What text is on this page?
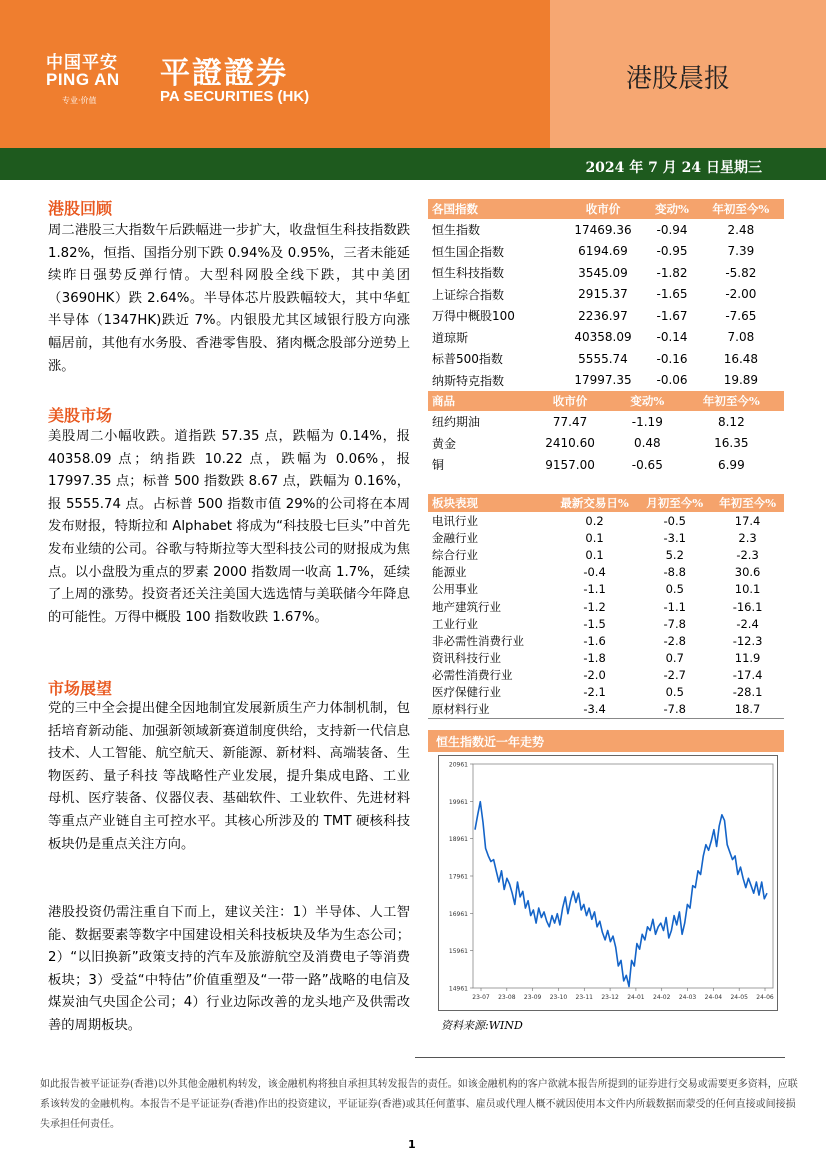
中国平安
PING AN
专业·价值
平證證券
PA SECURITIES (HK)
港股晨报
2024 年 7 月 24 日星期三
港股回顾
周二港股三大指数午后跌幅进一步扩大，收盘恒生科技指数跌 1.82%，恒指、国指分别下跌 0.94%及 0.95%，三者未能延续昨日强势反弹行情。大型科网股全线下跌，其中美团（3690HK）跌 2.64%。半导体芯片股跌幅较大，其中华虹半导体（1347HK)跌近 7%。内银股尤其区域银行股方向涨幅居前，其他有水务股、香港零售股、猪肉概念股部分逆势上涨。
美股市场
美股周二小幅收跌。道指跌 57.35 点，跌幅为 0.14%，报 40358.09 点；纳指跌 10.22 点，跌幅为 0.06%，报 17997.35 点；标普 500 指数跌 8.67 点，跌幅为 0.16%，报 5555.74 点。占标普 500 指数市值 29%的公司将在本周发布财报，特斯拉和 Alphabet 将成为“科技股七巨头”中首先发布业绩的公司。谷歌与特斯拉等大型科技公司的财报成为焦点。以小盘股为重点的罗素 2000 指数周一收高 1.7%，延续了上周的涨势。投资者还关注美国大选选情与美联储今年降息的可能性。万得中概股 100 指数收跌 1.67%。
市场展望
党的三中全会提出健全因地制宜发展新质生产力体制机制，包括培育新动能、加强新领域新赛道制度供给，支持新一代信息技术、人工智能、航空航天、新能源、新材料、高端装备、生物医药、量子科技 等战略性产业发展，提升集成电路、工业母机、医疗装备、仪器仪表、基础软件、工业软件、先进材料 等重点产业链自主可控水平。其核心所涉及的 TMT 硬核科技板块仍是重点关注方向。
港股投资仍需注重自下而上，建议关注：1）半导体、人工智能、数据要素等数字中国建设相关科技板块及华为生态公司；2）“以旧换新”政策支持的汽车及旅游航空及消费电子等消费板块；3）受益“中特估”价值重塑及“一带一路”战略的电信及煤炭油气央国企公司；4）行业边际改善的龙头地产及供需改善的周期板块。
各国指数	收市价	变动%	年初至今%
恒生指数	17469.36	-0.94	2.48
恒生国企指数	6194.69	-0.95	7.39
恒生科技指数	3545.09	-1.82	-5.82
上证综合指数	2915.37	-1.65	-2.00
万得中概股100	2236.97	-1.67	-7.65
道琼斯	40358.09	-0.14	7.08
标普500指数	5555.74	-0.16	16.48
纳斯特克指数	17997.35	-0.06	19.89
商品	收市价	变动%	年初至今%
纽约期油	77.47	-1.19	8.12
黄金	2410.60	0.48	16.35
铜	9157.00	-0.65	6.99
板块表现	最新交易日%	月初至今%	年初至今%
电讯行业	0.2	-0.5	17.4
金融行业	0.1	-3.1	2.3
综合行业	0.1	5.2	-2.3
能源业	-0.4	-8.8	30.6
公用事业	-1.1	0.5	10.1
地产建筑行业	-1.2	-1.1	-16.1
工业行业	-1.5	-7.8	-2.4
非必需性消费行业	-1.6	-2.8	-12.3
资讯科技行业	-1.8	0.7	11.9
必需性消费行业	-2.0	-2.7	-17.4
医疗保健行业	-2.1	0.5	-28.1
原材料行业	-3.4	-7.8	18.7
恒生指数近一年走势
14961
15961
16961
17961
18961
19961
20961
23-07 23-08 23-09 23-10 23-11 23-12 24-01 24-02 24-03 24-04 24-05 24-06
资料来源:WIND
如此报告被平证证券(香港)以外其他金融机构转发，该金融机构将独自承担其转发报告的责任。如该金融机构的客户欲就本报告所提到的证券进行交易或需要更多资料，应联系该转发的金融机构。本报告不是平证证券(香港)作出的投资建议，平证证券(香港)或其任何董事、雇员或代理人概不就因使用本文件内所载数据而蒙受的任何直接或间接损失承担任何责任。
1
